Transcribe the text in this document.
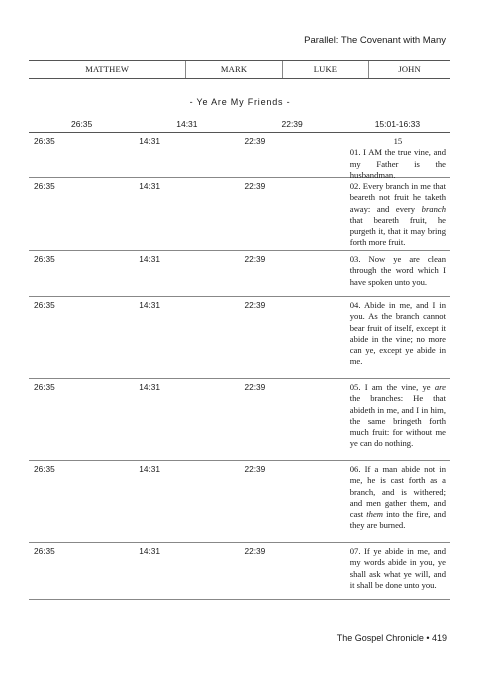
Parallel: The Covenant with Many
MATTHEW	MARK	LUKE	JOHN
- Ye Are My Friends -
26:35	14:31	22:39	15:01-16:33
26:35	14:31	22:39	15
01. I AM the true vine, and my Father is the husbandman.
26:35	14:31	22:39	02. Every branch in me that beareth not fruit he taketh away: and every branch that beareth fruit, he purgeth it, that it may bring forth more fruit.
26:35	14:31	22:39	03. Now ye are clean through the word which I have spoken unto you.
26:35	14:31	22:39	04. Abide in me, and I in you. As the branch cannot bear fruit of itself, except it abide in the vine; no more can ye, except ye abide in me.
26:35	14:31	22:39	05. I am the vine, ye are the branches: He that abideth in me, and I in him, the same bringeth forth much fruit: for without me ye can do nothing.
26:35	14:31	22:39	06. If a man abide not in me, he is cast forth as a branch, and is withered; and men gather them, and cast them into the fire, and they are burned.
26:35	14:31	22:39	07. If ye abide in me, and my words abide in you, ye shall ask what ye will, and it shall be done unto you.
The Gospel Chronicle • 419
